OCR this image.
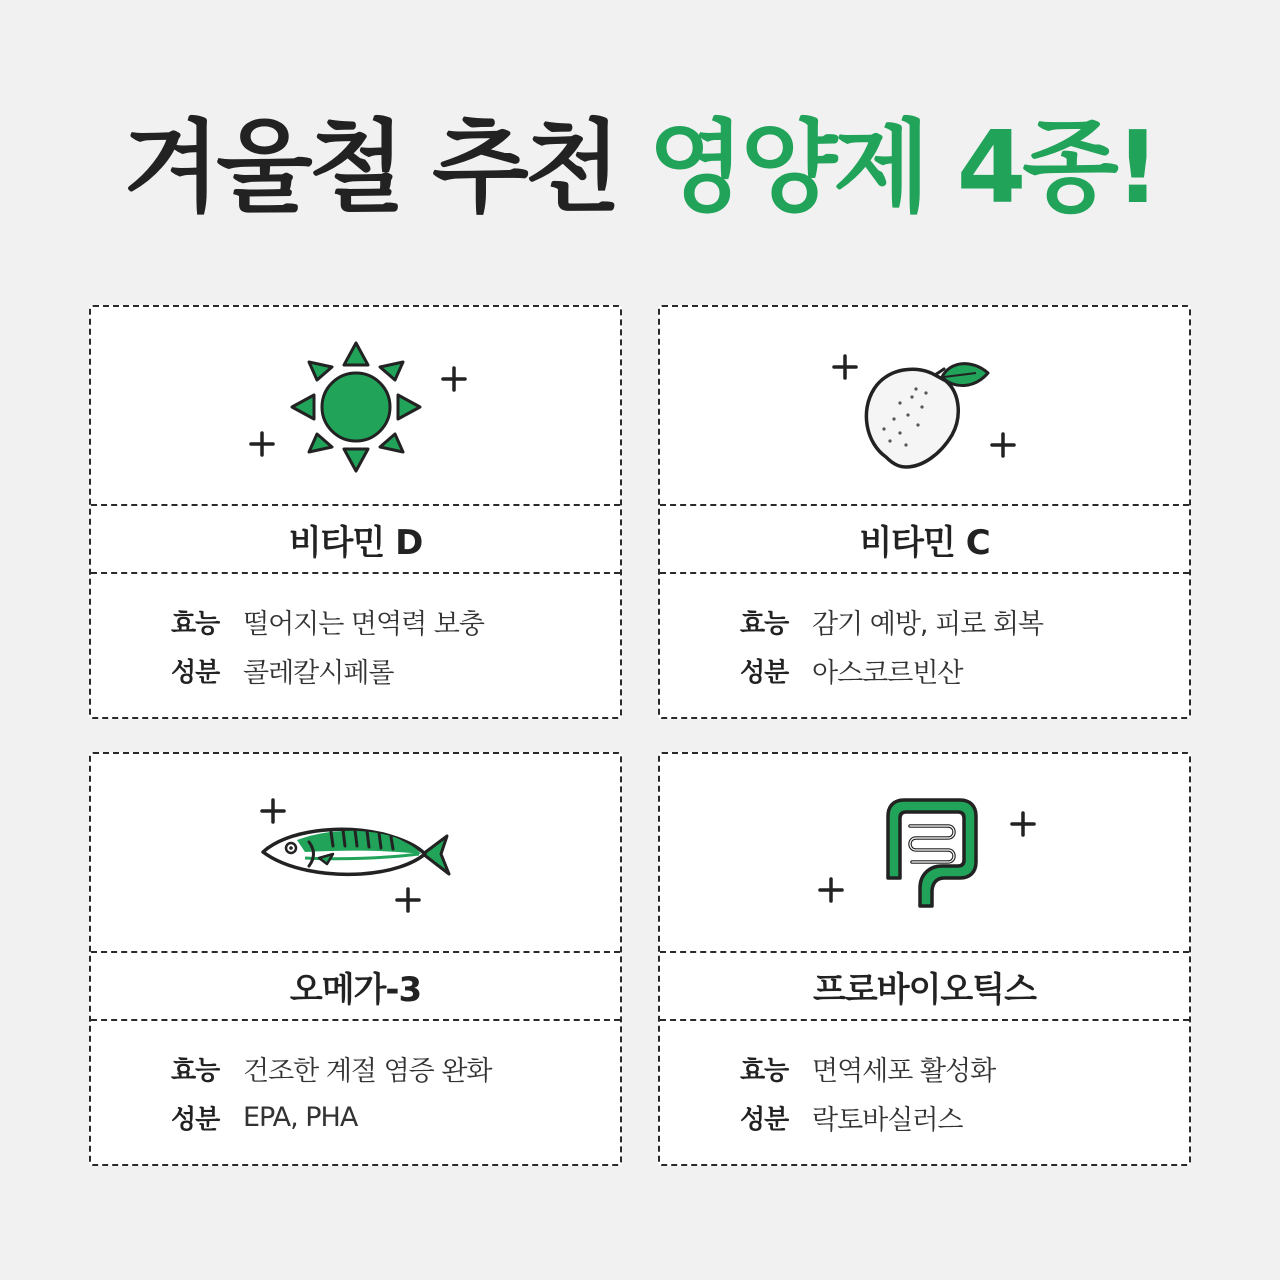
겨울철 추천 영양제 4종!
비타민 D
효능 떨어지는 면역력 보충
성분 콜레칼시페롤
비타민 C
효능 감기 예방, 피로 회복
성분 아스코르빈산
오메가-3
효능 건조한 계절 염증 완화
성분 EPA, PHA
프로바이오틱스
효능 면역세포 활성화
성분 락토바실러스
